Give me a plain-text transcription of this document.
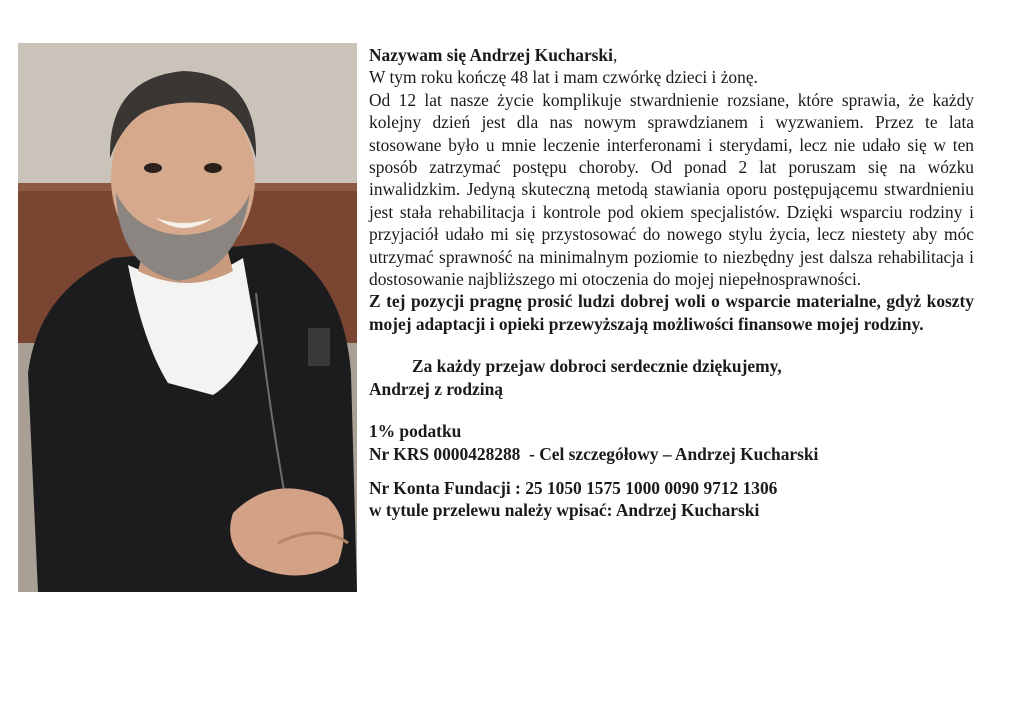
Nazywam się Andrzej Kucharski,

W tym roku kończę 48 lat i mam czwórkę dzieci i żonę.

Od 12 lat nasze życie komplikuje stwardnienie rozsiane, które sprawia, że każdy kolejny dzień jest dla nas nowym sprawdzianem i wyzwaniem. Przez te lata stosowane było u mnie leczenie interferonami i sterydami, lecz nie udało się w ten sposób zatrzymać postępu choroby. Od ponad 2 lat poruszam się na wózku inwalidzkim. Jedyną skuteczną metodą stawiania oporu postępującemu stwardnieniu jest stała rehabilitacja i kontrole pod okiem specjalistów. Dzięki wsparciu rodziny i przyjaciół udało mi się przystosować do nowego stylu życia, lecz niestety aby móc utrzymać sprawność na minimalnym poziomie to niezbędny jest dalsza rehabilitacja i dostosowanie najbliższego mi otoczenia do mojej niepełnosprawności.

Z tej pozycji pragnę prosić ludzi dobrej woli o wsparcie materialne, gdyż koszty mojej adaptacji i opieki przewyższają możliwości finansowe mojej rodziny.

Za każdy przejaw dobroci serdecznie dziękujemy,

Andrzej z rodziną

1% podatku

Nr KRS 0000428288  - Cel szczegółowy – Andrzej Kucharski

Nr Konta Fundacji : 25 1050 1575 1000 0090 9712 1306

w tytule przelewu należy wpisać: Andrzej Kucharski
